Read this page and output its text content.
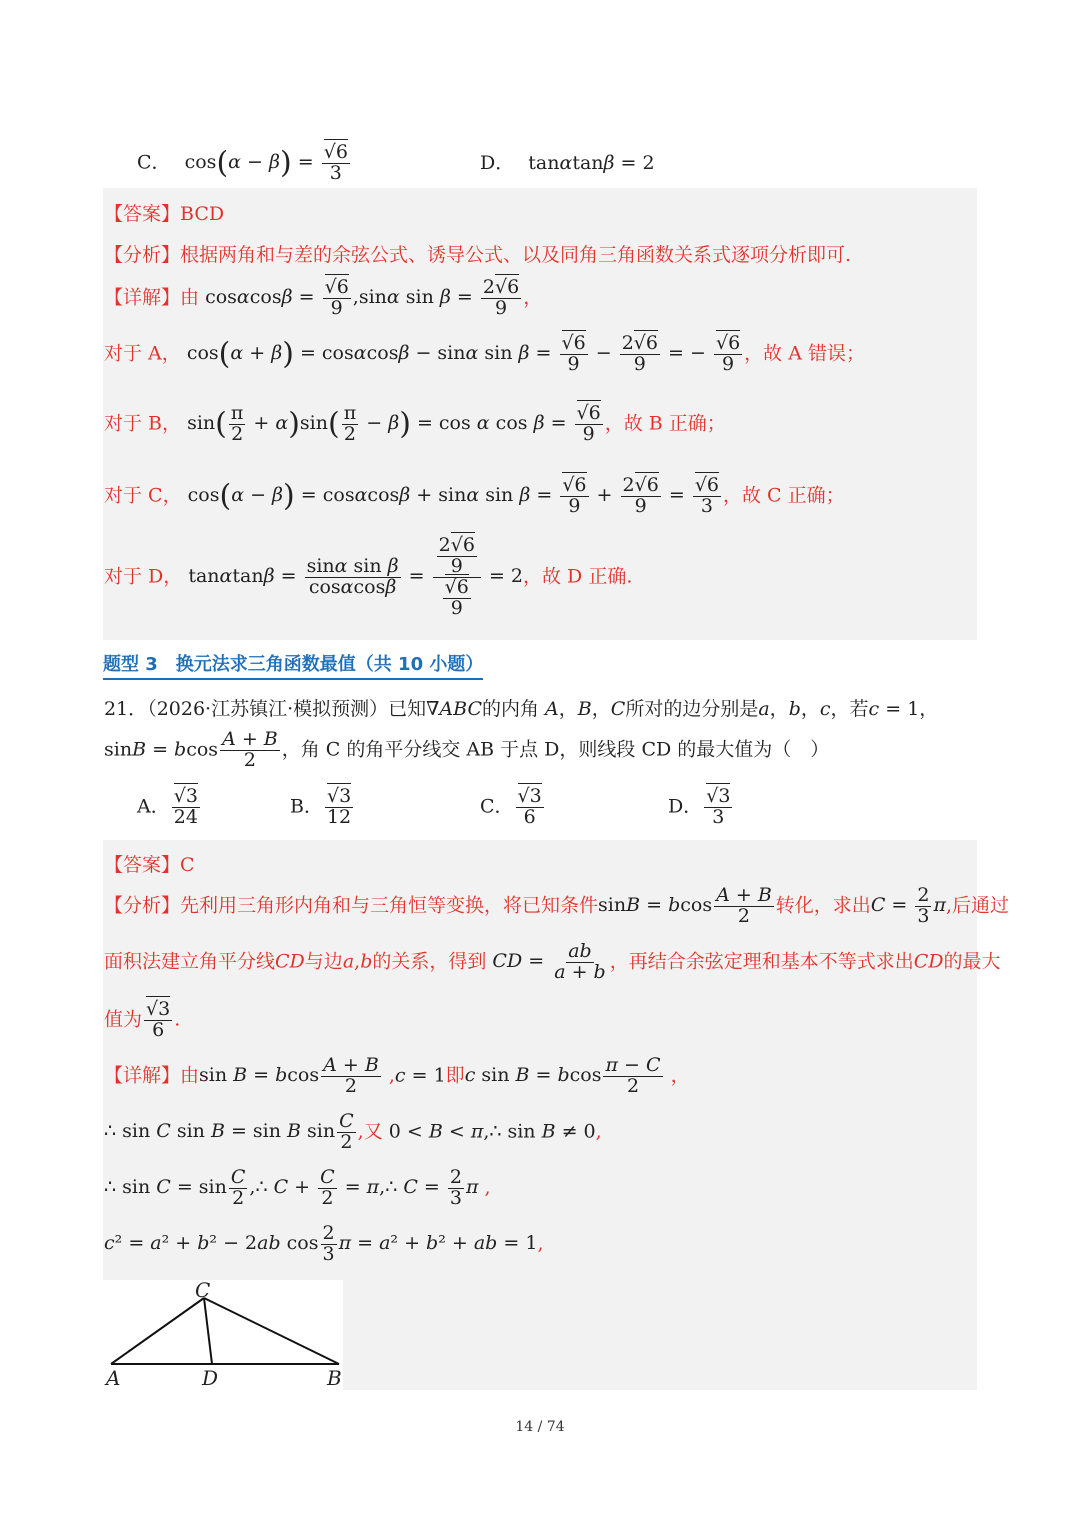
C． cos(α − β) = √ $\frac{6}{3}$	D． tanαtanβ = 2
【答案】BCD
【分析】根据两角和与差的余弦公式、诱导公式、以及同角三角函数关系式逐项分析即可.
【详解】由 cosαcosβ = √ $\frac{6}{9} ,\sin\alpha$ $\sin \beta = \frac{2 √ 6}{9}$ ，
对于 A， cos(α + β) = cosαcosβ − sinα sin β = √ $\frac{6}{9} - \frac{2 √ 6}{9}$ = − √ $\frac{6}{9}$ ，故 A 错误；
对于 B， $\sin( \frac{\pi}{2} + \alpha)\sin( \frac{\pi}{2} - \beta) = \cos \alpha$ cos β = √ $\frac{6}{9}$ ，故 B 正确；
对于 C， cos(α − β) = cosαcosβ + sinα sin β = √ $\frac{6}{9} + \frac{2 √ 6}{9}$ = √ $\frac{6}{3}$ ，故 C 正确；
对于 D， $\tan\alpha\tan\beta = \frac{\text{sinα sin β}}{\cos\alpha\cos\beta} = \frac{2 √ 6}{9}$
√ $\frac{6}{9} = 2$，故 D 正确.
题型 3　换元法求三角函数最值（共 10 小题）
21．（2026·江苏镇江·模拟预测）已知∇ABC的内角 A，B，C所对的边分别是a，b，c，若c = 1，
sinB = bcos $\frac{A + B}{2}$ ，角 C 的角平分线交 AB 于点 D，则线段 CD 的最大值为（　）
A． √ $\frac{3}{24}$	B． √ $\frac{3}{12}$	C． √ $\frac{3}{6}$	D． √ $\frac{3}{3}$
【答案】C
【分析】先利用三角形内角和与三角恒等变换，将已知条件sinB = bcos $\frac{A + B}{2}$ 转化，求出$C = \frac{2}{3} \pi$,后通过
面积法建立角平分线CD与边a,b的关系，得到 CD = $\frac{ab}{a + b}$ ，再结合余弦定理和基本不等式求出CD的最大
值为 √ $\frac{3}{6}$ .
【详解】由sin B = bcos $\frac{A + B}{2} ,c = 1$即c sin B = bcos $\frac{\pi - C}{2}$ ，
∴ sin C sin B = sin B $\sin \frac{C}{2}$ ,又 0 < B < π,∴ sin B ≠ 0,
∴ $\sin C = \sin \frac{C}{2}$ ,∴ $C + \frac{C}{2}$ = π,∴ $C = \frac{2}{3}$ π ,
c² = a² + b² − 2ab $\cos \frac{2}{3}$ π = a² + b² + ab = 1,
C
A	D	B
14 / 74
